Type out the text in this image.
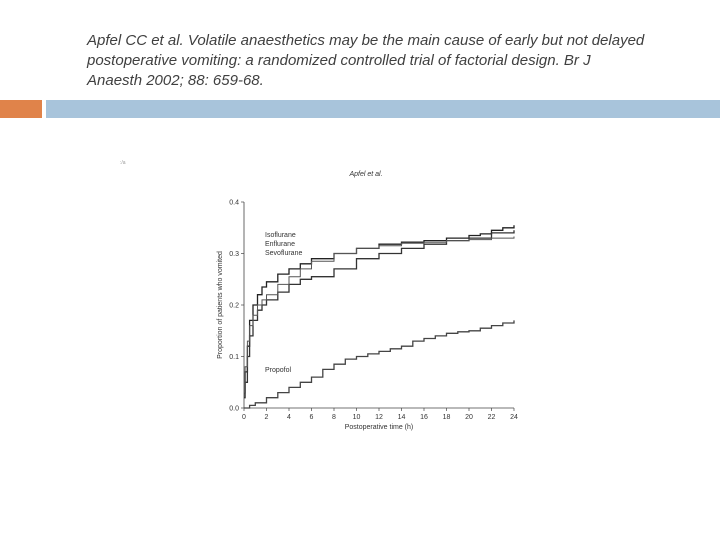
Apfel CC et al. Volatile anaesthetics may be the main cause of early but not delayed postoperative vomiting: a randomized controlled trial of factorial design. Br J Anaesth 2002; 88: 659-68.

:/a
Apfel et al.
0.0
0.1
0.2
0.3
0.4
0	2	4	6	8 10 12 14 16 18 20 22 24
Postoperative time (h)
Proportion of patients who vomited
Isoflurane
Enflurane
Sevoflurane
Propofol
